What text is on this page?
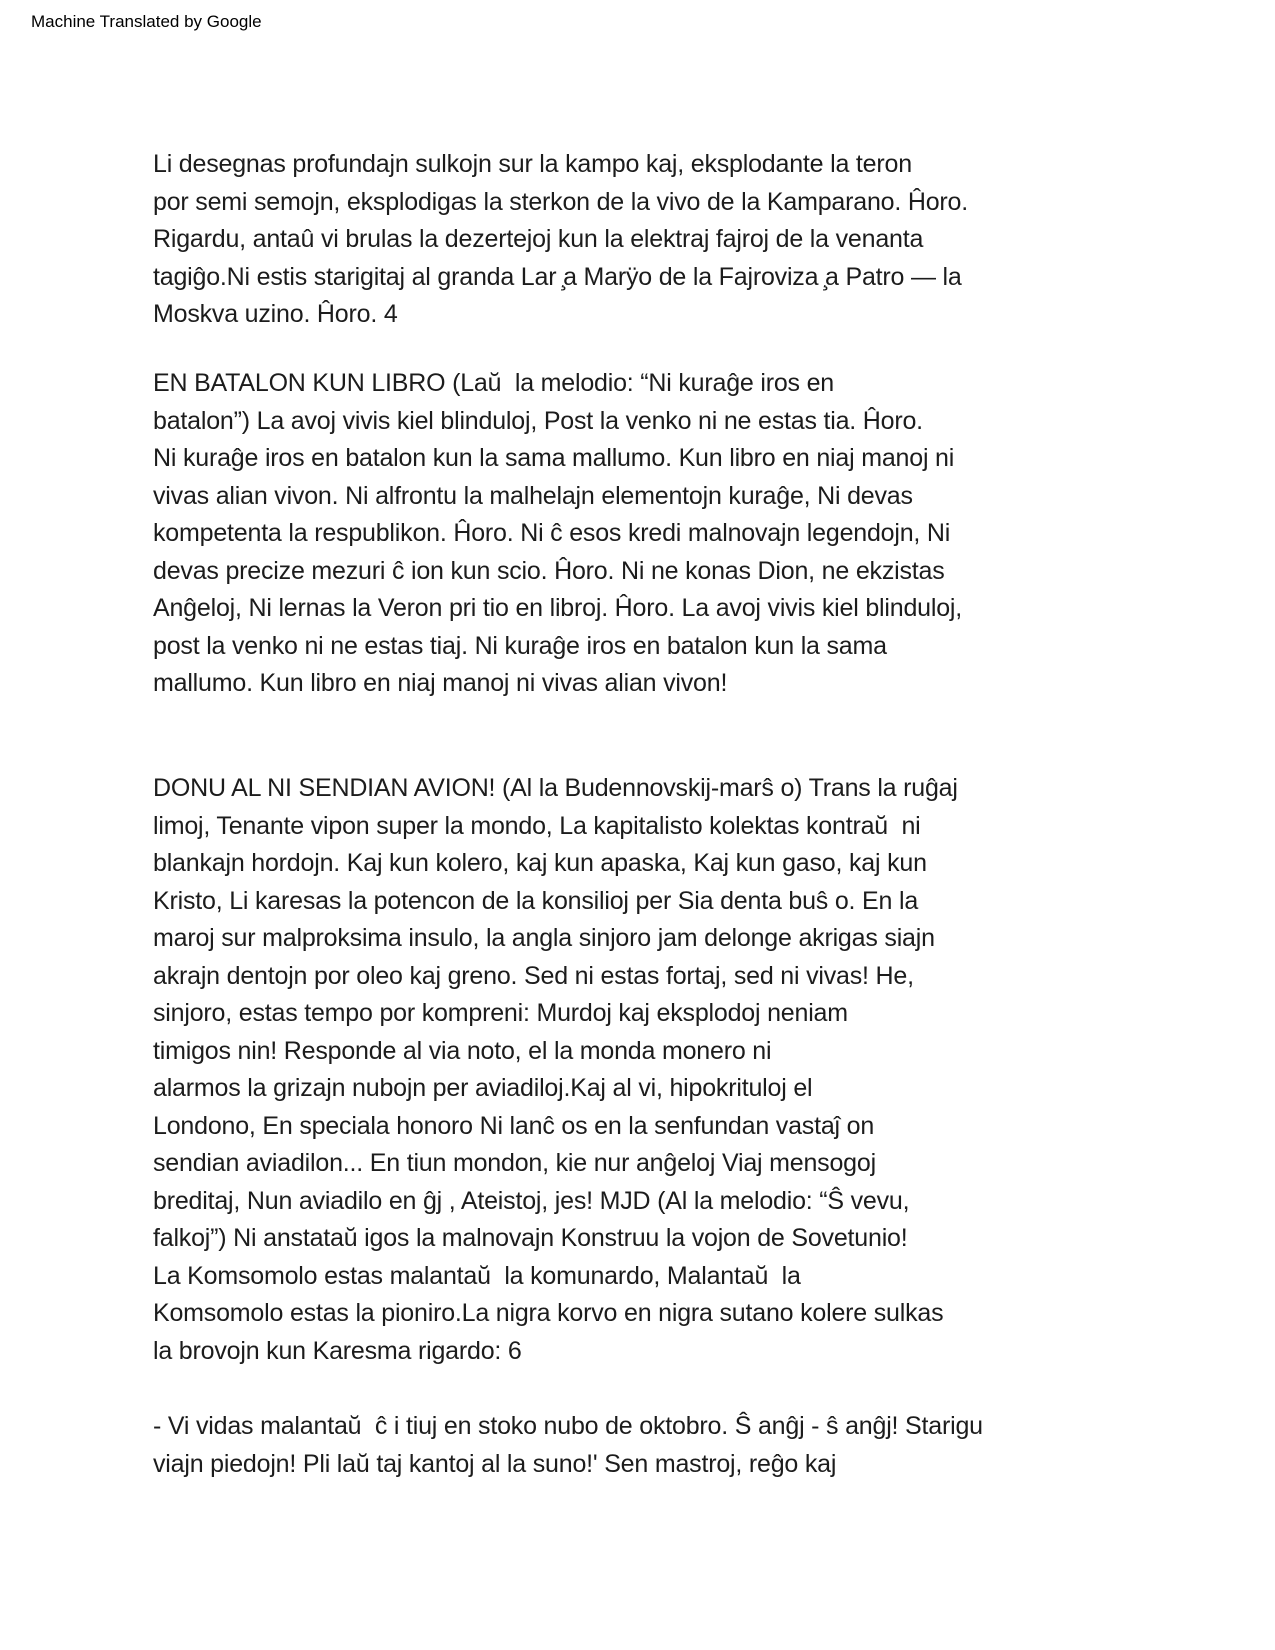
Machine Translated by Google
Li desegnas profundajn sulkojn sur la kampo kaj, eksplodante la teron
por semi semojn, eksplodigas la sterkon de la vivo de la Kamparano. Ĥoro.
Rigardu, antaû vi brulas la dezertejoj kun la elektraj fajroj de la venanta
tagiĝo.Ni estis starigitaj al granda Lar ̧a Marÿo de la Fajroviza ̧a Patro — la
Moskva uzino. Ĥoro. 4
EN BATALON KUN LIBRO (Laŭ  la melodio: “Ni kuraĝe iros en
batalon”) La avoj vivis kiel blinduloj, Post la venko ni ne estas tia. Ĥoro.
Ni kuraĝe iros en batalon kun la sama mallumo. Kun libro en niaj manoj ni
vivas alian vivon. Ni alfrontu la malhelajn elementojn kuraĝe, Ni devas
kompetenta la respublikon. Ĥoro. Ni ĉ esos kredi malnovajn legendojn, Ni
devas precize mezuri ĉ ion kun scio. Ĥoro. Ni ne konas Dion, ne ekzistas
Anĝeloj, Ni lernas la Veron pri tio en libroj. Ĥoro. La avoj vivis kiel blinduloj,
post la venko ni ne estas tiaj. Ni kuraĝe iros en batalon kun la sama
mallumo. Kun libro en niaj manoj ni vivas alian vivon!
DONU AL NI SENDIAN AVION! (Al la Budennovskij-marŝ o) Trans la ruĝaj
limoj, Tenante vipon super la mondo, La kapitalisto kolektas kontraŭ  ni
blankajn hordojn. Kaj kun kolero, kaj kun apaska, Kaj kun gaso, kaj kun
Kristo, Li karesas la potencon de la konsilioj per Sia denta buŝ o. En la
maroj sur malproksima insulo, la angla sinjoro jam delonge akrigas siajn
akrajn dentojn por oleo kaj greno. Sed ni estas fortaj, sed ni vivas! He,
sinjoro, estas tempo por kompreni: Murdoj kaj eksplodoj neniam
timigos nin! Responde al via noto, el la monda monero ni
alarmos la grizajn nubojn per aviadiloj.Kaj al vi, hipokrituloj el
Londono, En speciala honoro Ni lanĉ os en la senfundan vastaĵ on
sendian aviadilon... En tiun mondon, kie nur anĝeloj Viaj mensogoj
breditaj, Nun aviadilo en ĝj , Ateistoj, jes! MJD (Al la melodio: “Ŝ vevu,
falkoj”) Ni anstataŭ igos la malnovajn Konstruu la vojon de Sovetunio!
La Komsomolo estas malantaŭ  la komunardo, Malantaŭ  la
Komsomolo estas la pioniro.La nigra korvo en nigra sutano kolere sulkas
la brovojn kun Karesma rigardo: 6
- Vi vidas malantaŭ  ĉ i tiuj en stoko nubo de oktobro. Ŝ anĝj - ŝ anĝj! Starigu
viajn piedojn! Pli laŭ taj kantoj al la suno!' Sen mastroj, reĝo kaj
